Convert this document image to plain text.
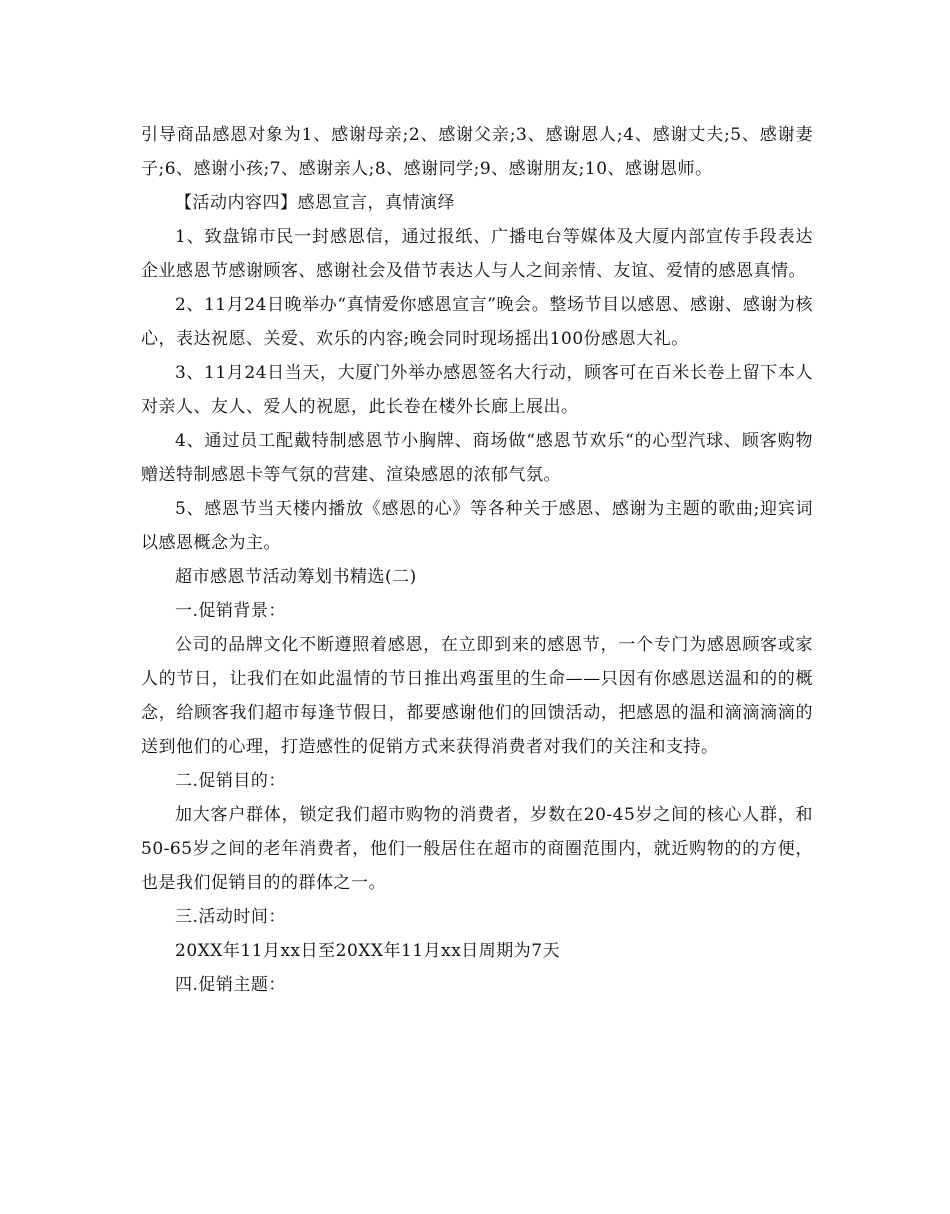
引导商品感恩对象为1、感谢母亲;2、感谢父亲;3、感谢恩人;4、感谢丈夫;5、感谢妻子;6、感谢小孩;7、感谢亲人;8、感谢同学;9、感谢朋友;10、感谢恩师。

【活动内容四】感恩宣言，真情演绎

1、致盘锦市民一封感恩信，通过报纸、广播电台等媒体及大厦内部宣传手段表达企业感恩节感谢顾客、感谢社会及借节表达人与人之间亲情、友谊、爱情的感恩真情。

2、11月24日晚举办“真情爱你感恩宣言”晚会。整场节目以感恩、感谢、感谢为核心，表达祝愿、关爱、欢乐的内容;晚会同时现场摇出100份感恩大礼。

3、11月24日当天，大厦门外举办感恩签名大行动，顾客可在百米长卷上留下本人对亲人、友人、爱人的祝愿，此长卷在楼外长廊上展出。

4、通过员工配戴特制感恩节小胸牌、商场做“感恩节欢乐“的心型汽球、顾客购物赠送特制感恩卡等气氛的营建、渲染感恩的浓郁气氛。

5、感恩节当天楼内播放《感恩的心》等各种关于感恩、感谢为主题的歌曲;迎宾词以感恩概念为主。

超市感恩节活动筹划书精选(二)

一.促销背景：

公司的品牌文化不断遵照着感恩，在立即到来的感恩节，一个专门为感恩顾客或家人的节日，让我们在如此温情的节日推出鸡蛋里的生命——只因有你感恩送温和的的概念，给顾客我们超市每逢节假日，都要感谢他们的回馈活动，把感恩的温和滴滴滴滴的送到他们的心理，打造感性的促销方式来获得消费者对我们的关注和支持。

二.促销目的：

加大客户群体，锁定我们超市购物的消费者，岁数在20-45岁之间的核心人群，和50-65岁之间的老年消费者，他们一般居住在超市的商圈范围内，就近购物的的方便，也是我们促销目的的群体之一。

三.活动时间：

20XX年11月xx日至20XX年11月xx日周期为7天

四.促销主题：
